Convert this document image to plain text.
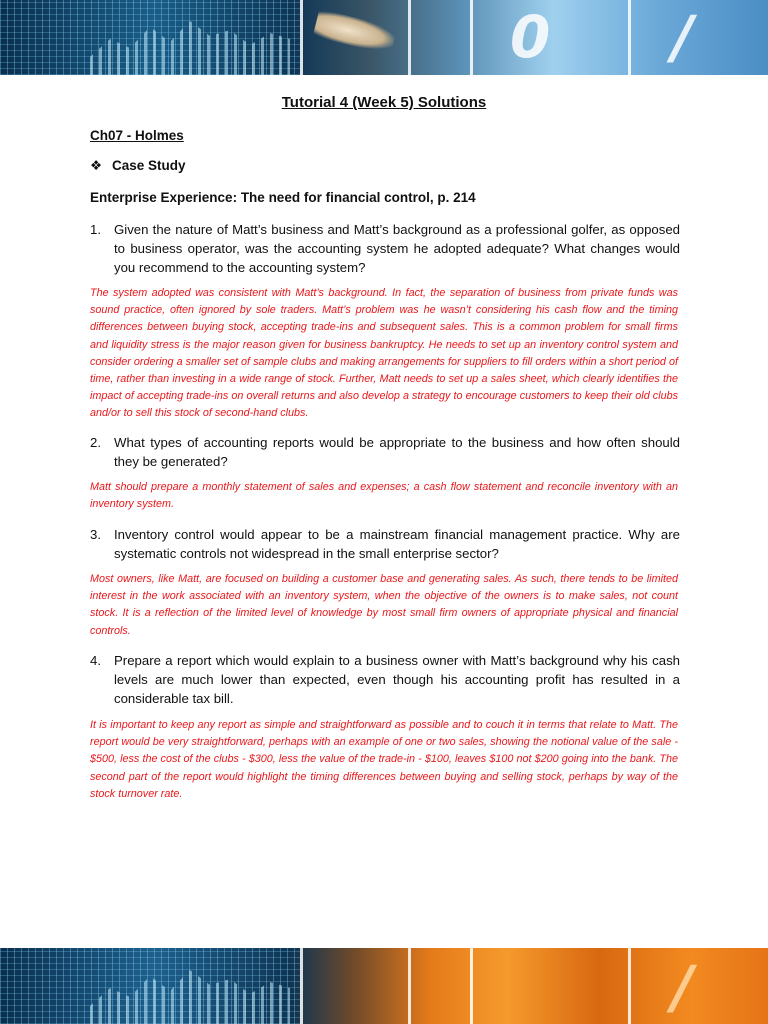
0 /
Tutorial 4 (Week 5) Solutions
Ch07 - Holmes
❖ Case Study
Enterprise Experience: The need for financial control, p. 214
1. Given the nature of Matt’s business and Matt’s background as a professional golfer, as opposed to business operator, was the accounting system he adopted adequate? What changes would you recommend to the accounting system?
The system adopted was consistent with Matt’s background. In fact, the separation of business from private funds was sound practice, often ignored by sole traders. Matt’s problem was he wasn’t considering his cash flow and the timing differences between buying stock, accepting trade-ins and subsequent sales. This is a common problem for small firms and liquidity stress is the major reason given for business bankruptcy. He needs to set up an inventory control system and consider ordering a smaller set of sample clubs and making arrangements for suppliers to fill orders within a short period of time, rather than investing in a wide range of stock. Further, Matt needs to set up a sales sheet, which clearly identifies the impact of accepting trade-ins on overall returns and also develop a strategy to encourage customers to keep their old clubs and/or to sell this stock of second-hand clubs.
2. What types of accounting reports would be appropriate to the business and how often should they be generated?
Matt should prepare a monthly statement of sales and expenses; a cash flow statement and reconcile inventory with an inventory system.
3. Inventory control would appear to be a mainstream financial management practice. Why are systematic controls not widespread in the small enterprise sector?
Most owners, like Matt, are focused on building a customer base and generating sales. As such, there tends to be limited interest in the work associated with an inventory system, when the objective of the owners is to make sales, not count stock. It is a reflection of the limited level of knowledge by most small firm owners of appropriate physical and financial controls.
4. Prepare a report which would explain to a business owner with Matt’s background why his cash levels are much lower than expected, even though his accounting profit has resulted in a considerable tax bill.
It is important to keep any report as simple and straightforward as possible and to couch it in terms that relate to Matt. The report would be very straightforward, perhaps with an example of one or two sales, showing the notional value of the sale - $500, less the cost of the clubs - $300, less the value of the trade-in - $100, leaves $100 not $200 going into the bank. The second part of the report would highlight the timing differences between buying and selling stock, perhaps by way of the stock turnover rate.
/
